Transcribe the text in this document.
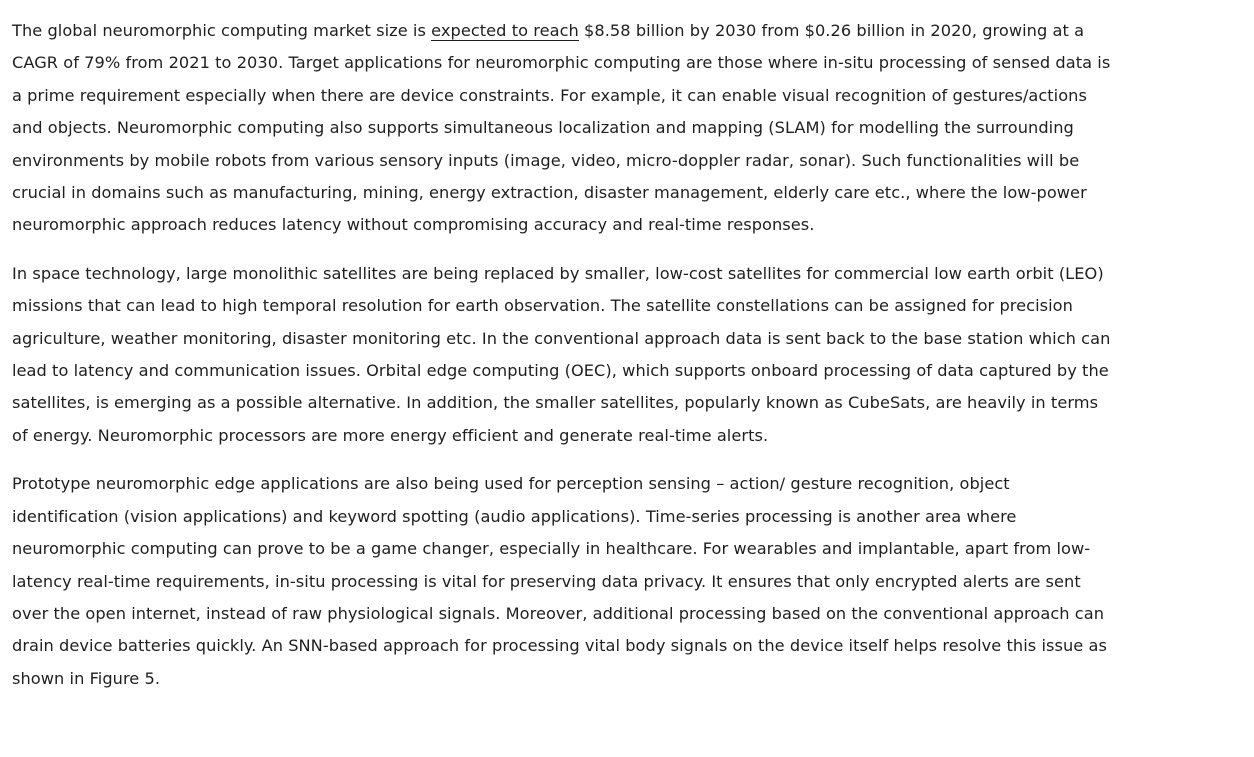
The global neuromorphic computing market size is expected to reach $8.58 billion by 2030 from $0.26 billion in 2020, growing at a CAGR of 79% from 2021 to 2030. Target applications for neuromorphic computing are those where in-situ processing of sensed data is a prime requirement especially when there are device constraints. For example, it can enable visual recognition of gestures/actions and objects. Neuromorphic computing also supports simultaneous localization and mapping (SLAM) for modelling the surrounding environments by mobile robots from various sensory inputs (image, video, micro-doppler radar, sonar). Such functionalities will be crucial in domains such as manufacturing, mining, energy extraction, disaster management, elderly care etc., where the low-power neuromorphic approach reduces latency without compromising accuracy and real-time responses.

In space technology, large monolithic satellites are being replaced by smaller, low-cost satellites for commercial low earth orbit (LEO) missions that can lead to high temporal resolution for earth observation. The satellite constellations can be assigned for precision agriculture, weather monitoring, disaster monitoring etc. In the conventional approach data is sent back to the base station which can lead to latency and communication issues. Orbital edge computing (OEC), which supports onboard processing of data captured by the satellites, is emerging as a possible alternative. In addition, the smaller satellites, popularly known as CubeSats, are heavily in terms of energy. Neuromorphic processors are more energy efficient and generate real-time alerts.

Prototype neuromorphic edge applications are also being used for perception sensing – action/ gesture recognition, object identification (vision applications) and keyword spotting (audio applications). Time-series processing is another area where neuromorphic computing can prove to be a game changer, especially in healthcare. For wearables and implantable, apart from low-latency real-time requirements, in-situ processing is vital for preserving data privacy. It ensures that only encrypted alerts are sent over the open internet, instead of raw physiological signals. Moreover, additional processing based on the conventional approach can drain device batteries quickly. An SNN-based approach for processing vital body signals on the device itself helps resolve this issue as shown in Figure 5.
